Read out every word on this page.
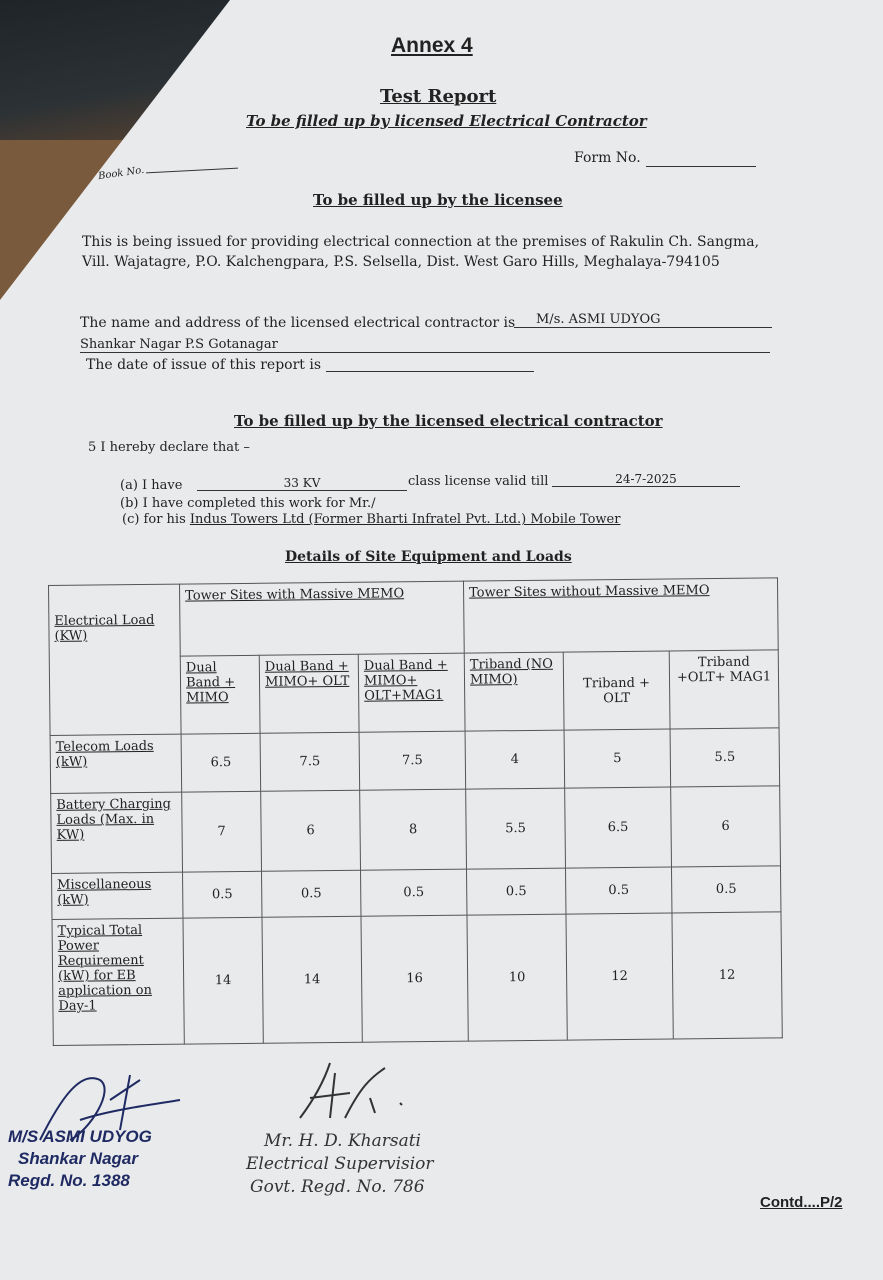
Annex 4
Test Report
To be filled up by licensed Electrical Contractor
Book No.
Form No.
To be filled up by the licensee
This is being issued for providing electrical connection at the premises of Rakulin Ch. Sangma, Vill. Wajatagre, P.O. Kalchengpara, P.S. Selsella, Dist. West Garo Hills, Meghalaya-794105
The name and address of the licensed electrical contractor is	M/s. ASMI UDYOG
Shankar Nagar P.S Gotanagar
The date of issue of this report is
To be filled up by the licensed electrical contractor
5 I hereby declare that –
(a) I have	33 KV	class license valid till	24-7-2025
(b) I have completed this work for Mr./
(c) for his Indus Towers Ltd (Former Bharti Infratel Pvt. Ltd.) Mobile Tower
Details of Site Equipment and Loads
Electrical Load (KW)	Tower Sites with Massive MEMO			Tower Sites without Massive MEMO		
	Dual Band + MIMO	Dual Band + MIMO+ OLT	Dual Band + MIMO+ OLT+MAG1	Triband (NO MIMO)	Triband + OLT	Triband +OLT+ MAG1
Telecom Loads (kW)	6.5	7.5	7.5	4	5	5.5
Battery Charging Loads (Max. in KW)	7	6	8	5.5	6.5	6
Miscellaneous (kW)	0.5	0.5	0.5	0.5	0.5	0.5
Typical Total Power Requirement (kW) for EB application on Day-1	14	14	16	10	12	12
M/S ASMI UDYOG
Shankar Nagar
Regd. No. 1388
Mr. H. D. Kharsati
Electrical Supervisior
Govt. Regd. No. 786
Contd....P/2
